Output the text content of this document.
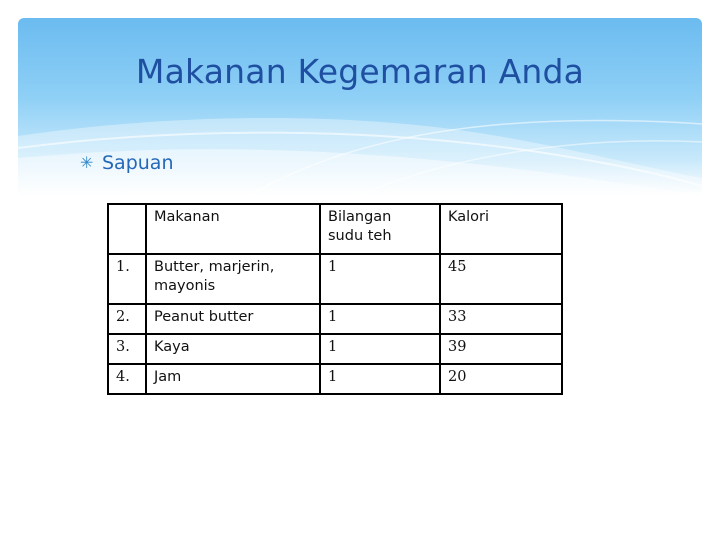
Makanan Kegemaran Anda
✳ Sapuan
	Makanan	Bilangan sudu teh	Kalori
1.	Butter, marjerin, mayonis	1	45
2.	Peanut butter	1	33
3.	Kaya	1	39
4.	Jam	1	20
